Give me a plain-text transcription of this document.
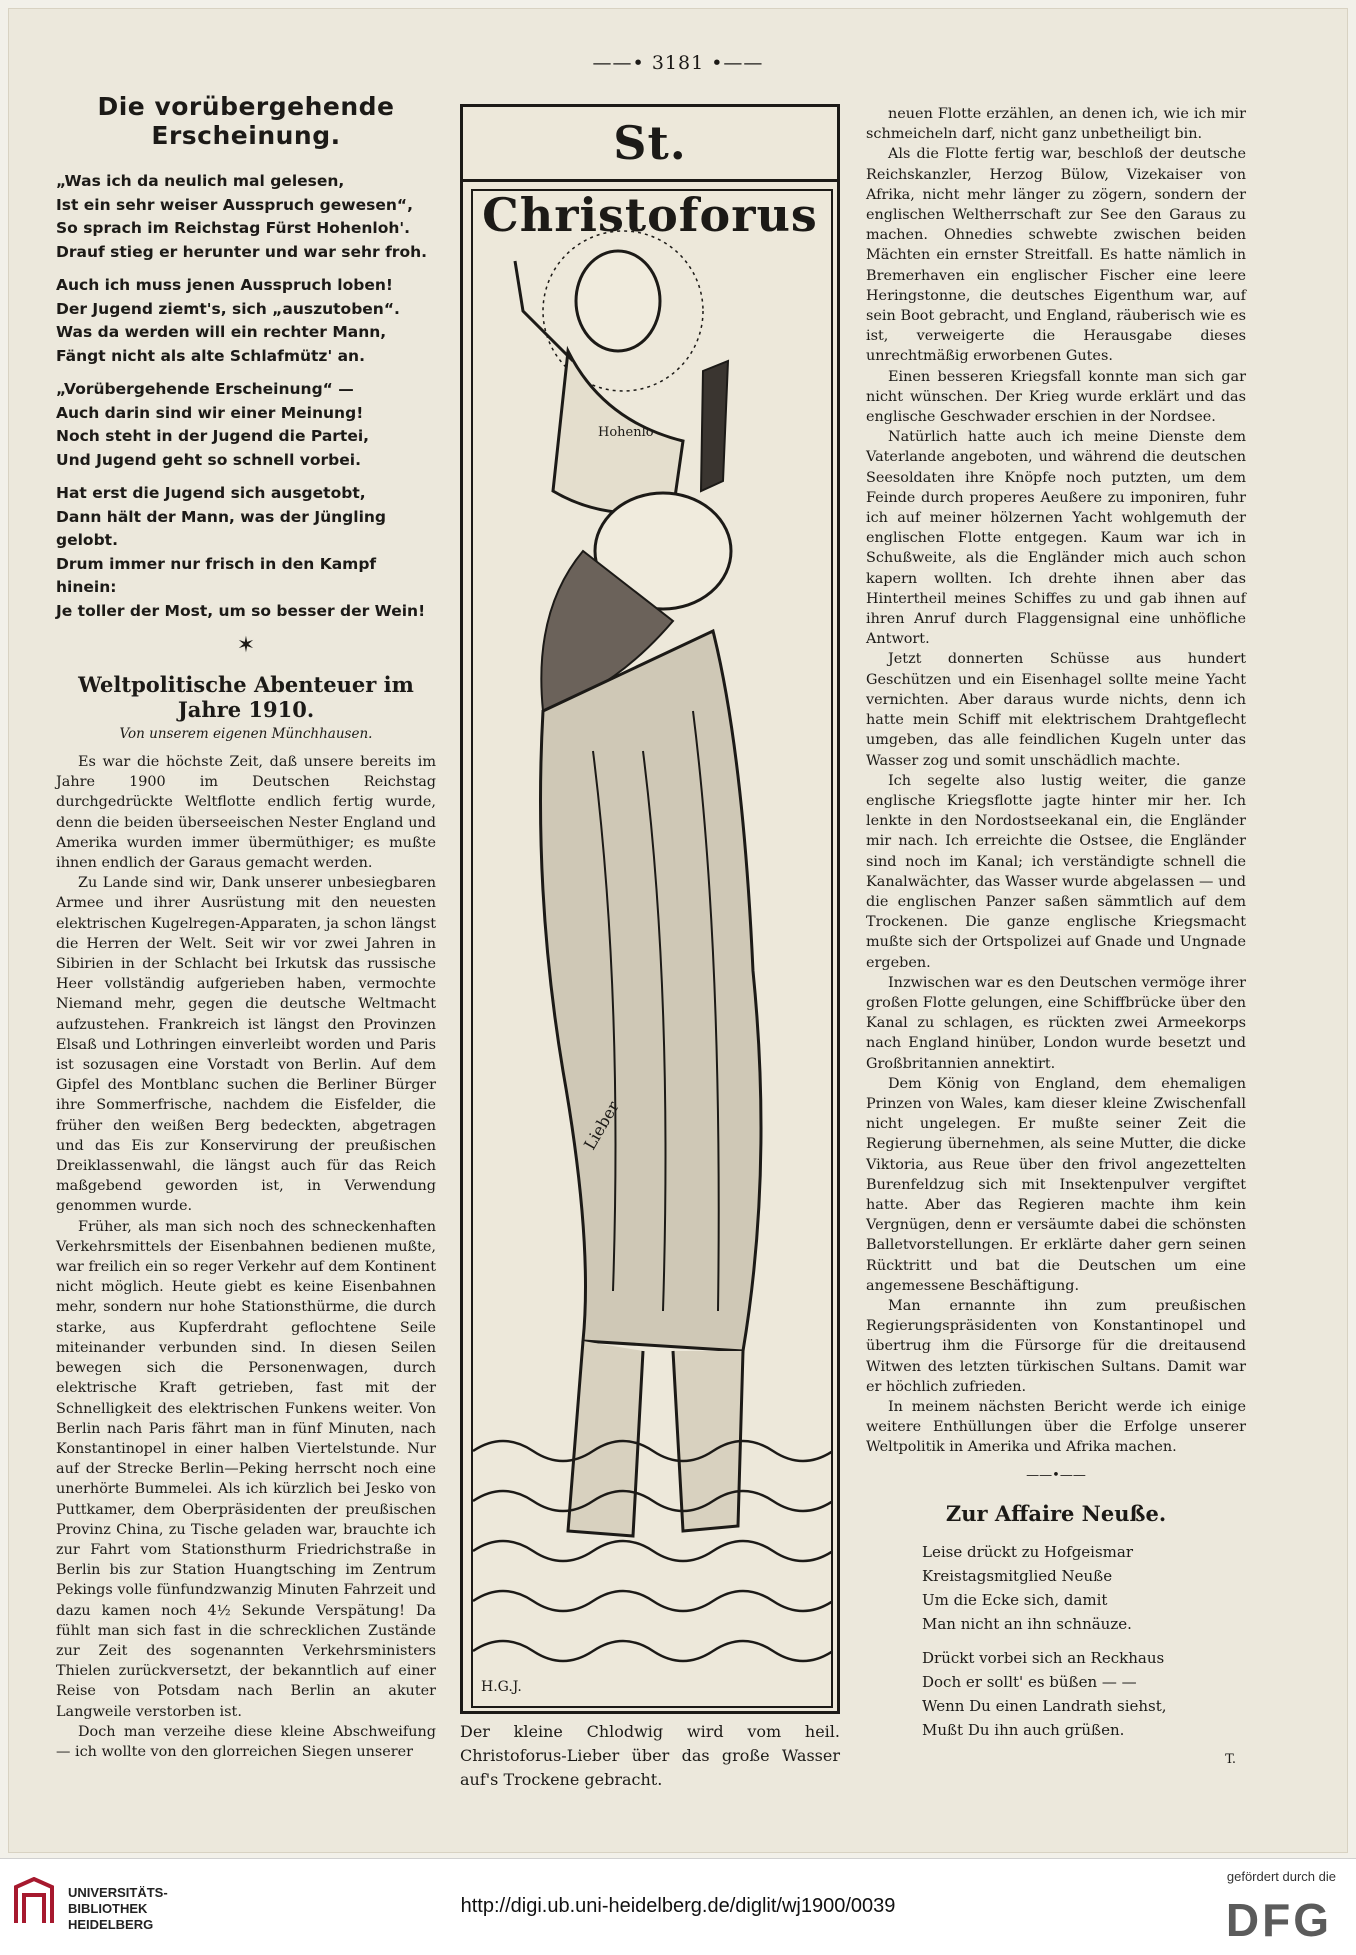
——• 3181 •——
Die vorübergehende Erscheinung.
„Was ich da neulich mal gelesen,
Ist ein sehr weiser Ausspruch gewesen“,
So sprach im Reichstag Fürst Hohenloh'.
Drauf stieg er herunter und war sehr froh.
Auch ich muss jenen Ausspruch loben!
Der Jugend ziemt's, sich „auszutoben“.
Was da werden will ein rechter Mann,
Fängt nicht als alte Schlafmütz' an.
„Vorübergehende Erscheinung“ —
Auch darin sind wir einer Meinung!
Noch steht in der Jugend die Partei,
Und Jugend geht so schnell vorbei.
Hat erst die Jugend sich ausgetobt,
Dann hält der Mann, was der Jüngling gelobt.
Drum immer nur frisch in den Kampf hinein:
Je toller der Most, um so besser der Wein!
✶
Weltpolitische Abenteuer im Jahre 1910.
Von unserem eigenen Münchhausen.

Es war die höchste Zeit, daß unsere bereits im Jahre 1900 im Deutschen Reichstag durchgedrückte Weltflotte endlich fertig wurde, denn die beiden überseeischen Nester England und Amerika wurden immer übermüthiger; es mußte ihnen endlich der Garaus gemacht werden.

Zu Lande sind wir, Dank unserer unbesiegbaren Armee und ihrer Ausrüstung mit den neuesten elektrischen Kugelregen-Apparaten, ja schon längst die Herren der Welt. Seit wir vor zwei Jahren in Sibirien in der Schlacht bei Irkutsk das russische Heer vollständig aufgerieben haben, vermochte Niemand mehr, gegen die deutsche Weltmacht aufzustehen. Frankreich ist längst den Provinzen Elsaß und Lothringen einverleibt worden und Paris ist sozusagen eine Vorstadt von Berlin. Auf dem Gipfel des Montblanc suchen die Berliner Bürger ihre Sommerfrische, nachdem die Eisfelder, die früher den weißen Berg bedeckten, abgetragen und das Eis zur Konservirung der preußischen Dreiklassenwahl, die längst auch für das Reich maßgebend geworden ist, in Verwendung genommen wurde.

Früher, als man sich noch des schneckenhaften Verkehrsmittels der Eisenbahnen bedienen mußte, war freilich ein so reger Verkehr auf dem Kontinent nicht möglich. Heute giebt es keine Eisenbahnen mehr, sondern nur hohe Stationsthürme, die durch starke, aus Kupferdraht geflochtene Seile miteinander verbunden sind. In diesen Seilen bewegen sich die Personenwagen, durch elektrische Kraft getrieben, fast mit der Schnelligkeit des elektrischen Funkens weiter. Von Berlin nach Paris fährt man in fünf Minuten, nach Konstantinopel in einer halben Viertelstunde. Nur auf der Strecke Berlin—Peking herrscht noch eine unerhörte Bummelei. Als ich kürzlich bei Jesko von Puttkamer, dem Oberpräsidenten der preußischen Provinz China, zu Tische geladen war, brauchte ich zur Fahrt vom Stationsthurm Friedrichstraße in Berlin bis zur Station Huangtsching im Zentrum Pekings volle fünfundzwanzig Minuten Fahrzeit und dazu kamen noch 4½ Sekunde Verspätung! Da fühlt man sich fast in die schrecklichen Zustände zur Zeit des sogenannten Verkehrsministers Thielen zurückversetzt, der bekanntlich auf einer Reise von Potsdam nach Berlin an akuter Langweile verstorben ist.

Doch man verzeihe diese kleine Abschweifung — ich wollte von den glorreichen Siegen unserer

St. Christoforus
Hohenlo
Lieber
H.G.J.
Der kleine Chlodwig wird vom heil. Christoforus-Lieber über das große Wasser auf's Trockene gebracht.

neuen Flotte erzählen, an denen ich, wie ich mir schmeicheln darf, nicht ganz unbetheiligt bin.

Als die Flotte fertig war, beschloß der deutsche Reichskanzler, Herzog Bülow, Vizekaiser von Afrika, nicht mehr länger zu zögern, sondern der englischen Weltherrschaft zur See den Garaus zu machen. Ohnedies schwebte zwischen beiden Mächten ein ernster Streitfall. Es hatte nämlich in Bremerhaven ein englischer Fischer eine leere Heringstonne, die deutsches Eigenthum war, auf sein Boot gebracht, und England, räuberisch wie es ist, verweigerte die Herausgabe dieses unrechtmäßig erworbenen Gutes.

Einen besseren Kriegsfall konnte man sich gar nicht wünschen. Der Krieg wurde erklärt und das englische Geschwader erschien in der Nordsee.

Natürlich hatte auch ich meine Dienste dem Vaterlande angeboten, und während die deutschen Seesoldaten ihre Knöpfe noch putzten, um dem Feinde durch properes Aeußere zu imponiren, fuhr ich auf meiner hölzernen Yacht wohlgemuth der englischen Flotte entgegen. Kaum war ich in Schußweite, als die Engländer mich auch schon kapern wollten. Ich drehte ihnen aber das Hintertheil meines Schiffes zu und gab ihnen auf ihren Anruf durch Flaggensignal eine unhöfliche Antwort.

Jetzt donnerten Schüsse aus hundert Geschützen und ein Eisenhagel sollte meine Yacht vernichten. Aber daraus wurde nichts, denn ich hatte mein Schiff mit elektrischem Drahtgeflecht umgeben, das alle feindlichen Kugeln unter das Wasser zog und somit unschädlich machte.

Ich segelte also lustig weiter, die ganze englische Kriegsflotte jagte hinter mir her. Ich lenkte in den Nordostseekanal ein, die Engländer mir nach. Ich erreichte die Ostsee, die Engländer sind noch im Kanal; ich verständigte schnell die Kanalwächter, das Wasser wurde abgelassen — und die englischen Panzer saßen sämmtlich auf dem Trockenen. Die ganze englische Kriegsmacht mußte sich der Ortspolizei auf Gnade und Ungnade ergeben.

Inzwischen war es den Deutschen vermöge ihrer großen Flotte gelungen, eine Schiffbrücke über den Kanal zu schlagen, es rückten zwei Armeekorps nach England hinüber, London wurde besetzt und Großbritannien annektirt.

Dem König von England, dem ehemaligen Prinzen von Wales, kam dieser kleine Zwischenfall nicht ungelegen. Er mußte seiner Zeit die Regierung übernehmen, als seine Mutter, die dicke Viktoria, aus Reue über den frivol angezettelten Burenfeldzug sich mit Insektenpulver vergiftet hatte. Aber das Regieren machte ihm kein Vergnügen, denn er versäumte dabei die schönsten Balletvorstellungen. Er erklärte daher gern seinen Rücktritt und bat die Deutschen um eine angemessene Beschäftigung.

Man ernannte ihn zum preußischen Regierungspräsidenten von Konstantinopel und übertrug ihm die Fürsorge für die dreitausend Witwen des letzten türkischen Sultans. Damit war er höchlich zufrieden.

In meinem nächsten Bericht werde ich einige weitere Enthüllungen über die Erfolge unserer Weltpolitik in Amerika und Afrika machen.

——•——
Zur Affaire Neuße.
Leise drückt zu Hofgeismar
Kreistagsmitglied Neuße
Um die Ecke sich, damit
Man nicht an ihn schnäuze.
Drückt vorbei sich an Reckhaus
Doch er sollt' es büßen — —
Wenn Du einen Landrath siehst,
Mußt Du ihn auch grüßen.
T.
UNIVERSITÄTS-
BIBLIOTHEK
HEIDELBERG
http://digi.ub.uni-heidelberg.de/diglit/wj1900/0039
gefördert durch die
DFG
